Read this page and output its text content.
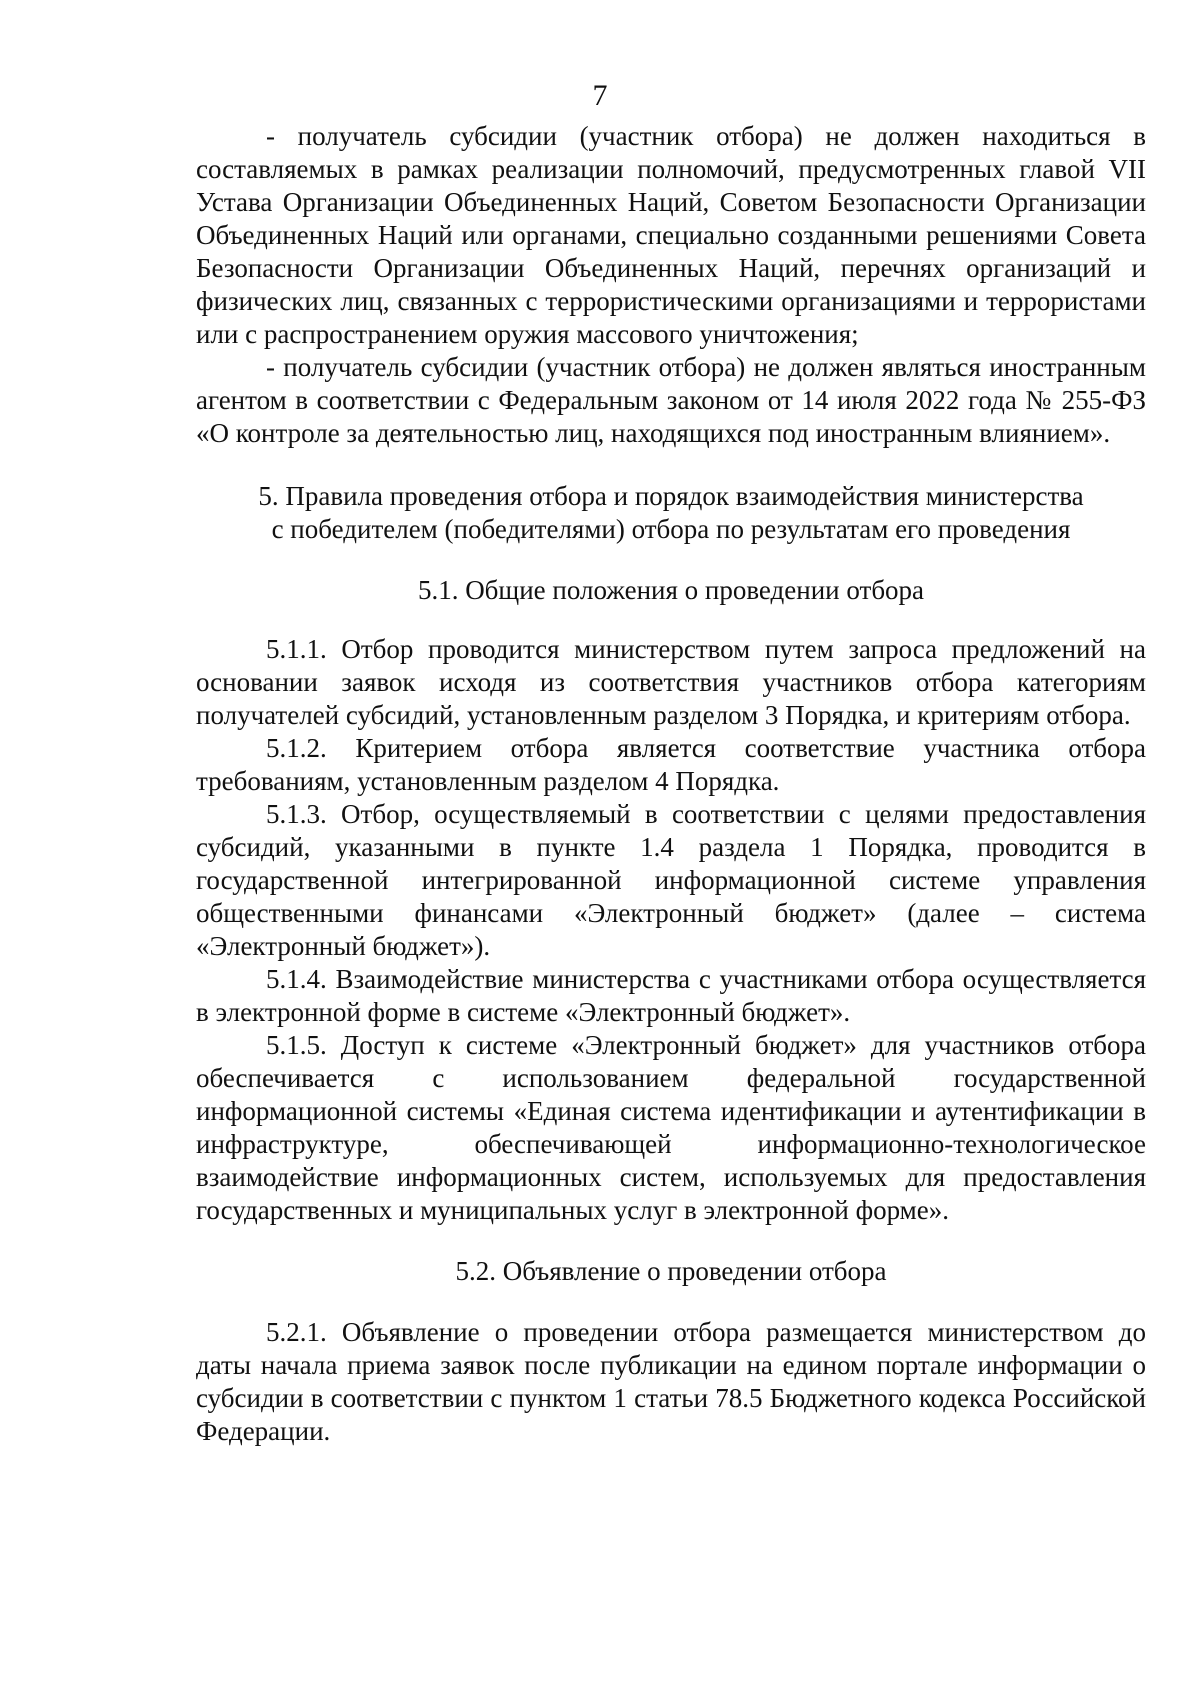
7

- получатель субсидии (участник отбора) не должен находиться в составляемых в рамках реализации полномочий, предусмотренных главой VII Устава Организации Объединенных Наций, Советом Безопасности Организации Объединенных Наций или органами, специально созданными решениями Совета Безопасности Организации Объединенных Наций, перечнях организаций и физических лиц, связанных с террористическими организациями и террористами или с распространением оружия массового уничтожения;

- получатель субсидии (участник отбора) не должен являться иностранным агентом в соответствии с Федеральным законом от 14 июля 2022 года № 255-ФЗ «О контроле за деятельностью лиц, находящихся под иностранным влиянием».

5. Правила проведения отбора и порядок взаимодействия министерства

с победителем (победителями) отбора по результатам его проведения

5.1. Общие положения о проведении отбора

5.1.1. Отбор проводится министерством путем запроса предложений на основании заявок исходя из соответствия участников отбора категориям получателей субсидий, установленным разделом 3 Порядка, и критериям отбора.

5.1.2. Критерием отбора является соответствие участника отбора требованиям, установленным разделом 4 Порядка.

5.1.3. Отбор, осуществляемый в соответствии с целями предоставления субсидий, указанными в пункте 1.4 раздела 1 Порядка, проводится в государственной интегрированной информационной системе управления общественными финансами «Электронный бюджет» (далее – система «Электронный бюджет»).

5.1.4. Взаимодействие министерства с участниками отбора осуществляется в электронной форме в системе «Электронный бюджет».

5.1.5. Доступ к системе «Электронный бюджет» для участников отбора обеспечивается с использованием федеральной государственной информационной системы «Единая система идентификации и аутентификации в инфраструктуре, обеспечивающей информационно-технологическое взаимодействие информационных систем, используемых для предоставления государственных и муниципальных услуг в электронной форме».

5.2. Объявление о проведении отбора

5.2.1. Объявление о проведении отбора размещается министерством до даты начала приема заявок после публикации на едином портале информации о субсидии в соответствии с пунктом 1 статьи 78.5 Бюджетного кодекса Российской Федерации.
